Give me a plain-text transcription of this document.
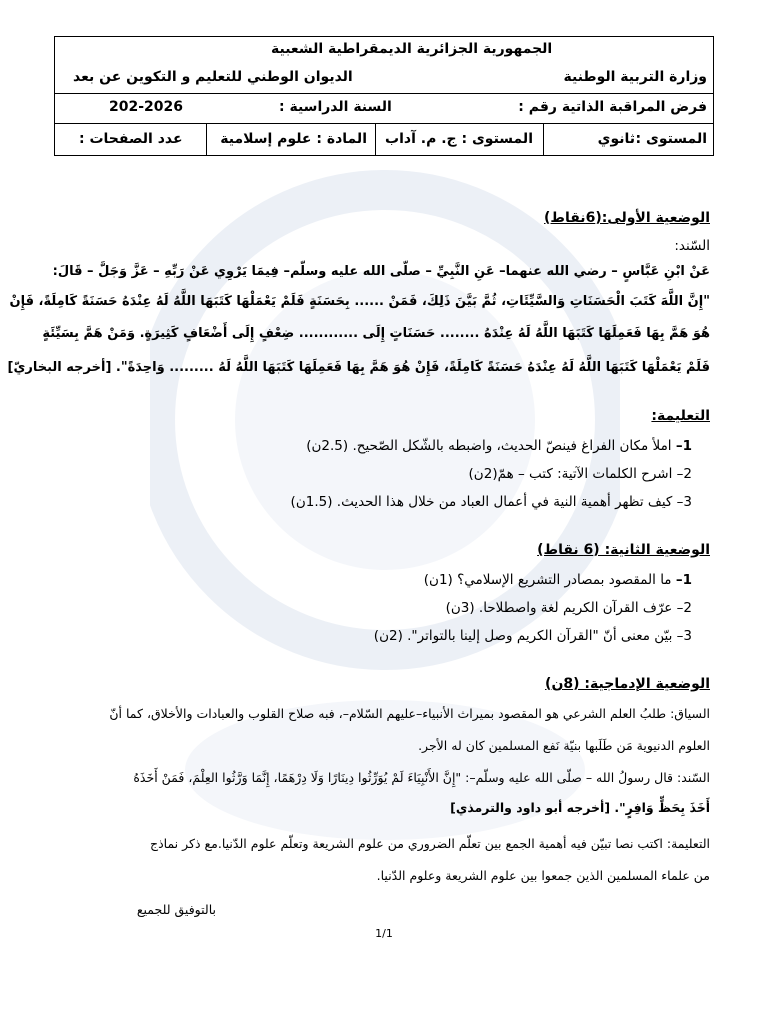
الجمهورية الجزائرية الديمقراطية الشعبية
وزارة التربية الوطنية
الديوان الوطني للتعليم و التكوين عن بعد
فرض المراقبة الذاتية رقم :
السنة الدراسية :
202-2026
المستوى :
ثانوي
المستوى : ج. م. آداب
المادة : علوم إسلامية
عدد الصفحات :
الوضعية الأولى:(6نقاط)
السّند:
عَنْ ابْنِ عَبَّاسٍ – رضي الله عنهما– عَنِ النَّبِيِّ – صلّى الله عليه وسلّم– فِيمَا يَرْوِي عَنْ رَبِّهِ – عَزَّ وَجَلَّ – قَالَ:
"إِنَّ اللَّهَ كَتَبَ الْحَسَنَاتِ وَالسَّيِّئَاتِ، ثُمَّ بَيَّنَ ذَلِكَ، فَمَنْ ...... بِحَسَنَةٍ فَلَمْ يَعْمَلْهَا كَتَبَهَا اللَّهُ لَهُ عِنْدَهُ حَسَنَةً كَامِلَةً، فَإِنْ
هُوَ هَمَّ بِهَا فَعَمِلَهَا كَتَبَهَا اللَّهُ لَهُ عِنْدَهُ ........ حَسَنَاتٍ إِلَى ............ ضِعْفٍ إِلَى أَضْعَافٍ كَثِيرَةٍ. وَمَنْ هَمَّ بِسَيِّئَةٍ
فَلَمْ يَعْمَلْهَا كَتَبَهَا اللَّهُ لَهُ عِنْدَهُ حَسَنَةً كَامِلَةً، فَإِنْ هُوَ هَمَّ بِهَا فَعَمِلَهَا كَتَبَهَا اللَّهُ لَهُ ......... وَاحِدَةً". [أخرجه البخاريّ]
التعليمة:
1– املأ مكان الفراغ فينصّ الحديث، واضبطه بالشّكل الصّحيح. (2.5ن)
2– اشرح الكلمات الآتية: كتب – همّ(2ن)
3– كيف تظهر أهمية النية في أعمال العباد من خلال هذا الحديث. (1.5ن)
الوضعية الثانية: (6 نقاط)
1– ما المقصود بمصادر التشريع الإسلامي؟ (1ن)
2– عرّف القرآن الكريم لغة واصطلاحا. (3ن)
3– بيّن معنى أنّ "القرآن الكريم وصل إلينا بالتواتر". (2ن)
الوضعية الإدماجية: (8ن)
السياق: طلبُ العلم الشرعي هو المقصود بميراث الأنبياء–عليهم السّلام–، فبه صلاح القلوب والعبادات والأخلاق، كما أنّ
العلوم الدنيوية مَن طَلَبها بنيّة نَفع المسلمين كان له الأجر.
السّند: قال رسولُ الله – صلّى الله عليه وسلّم–: "إِنَّ الأَنْبِيَاءَ لَمْ يُوَرِّثُوا دِينَارًا وَلَا دِرْهَمًا، إِنَّمَا وَرَّثُوا العِلْمَ، فَمَنْ أَخَذَهُ
أَخَذَ بِحَظٍّ وَافِرٍ". [أخرجه أبو داود والترمذي]
التعليمة: اكتب نصا تبيّن فيه أهمية الجمع بين تعلّم الضروري من علوم الشريعة وتعلّم علوم الدّنيا.مع ذكر نماذج
من علماء المسلمين الذين جمعوا بين علوم الشريعة وعلوم الدّنيا.
بالتوفيق للجميع
1/1
